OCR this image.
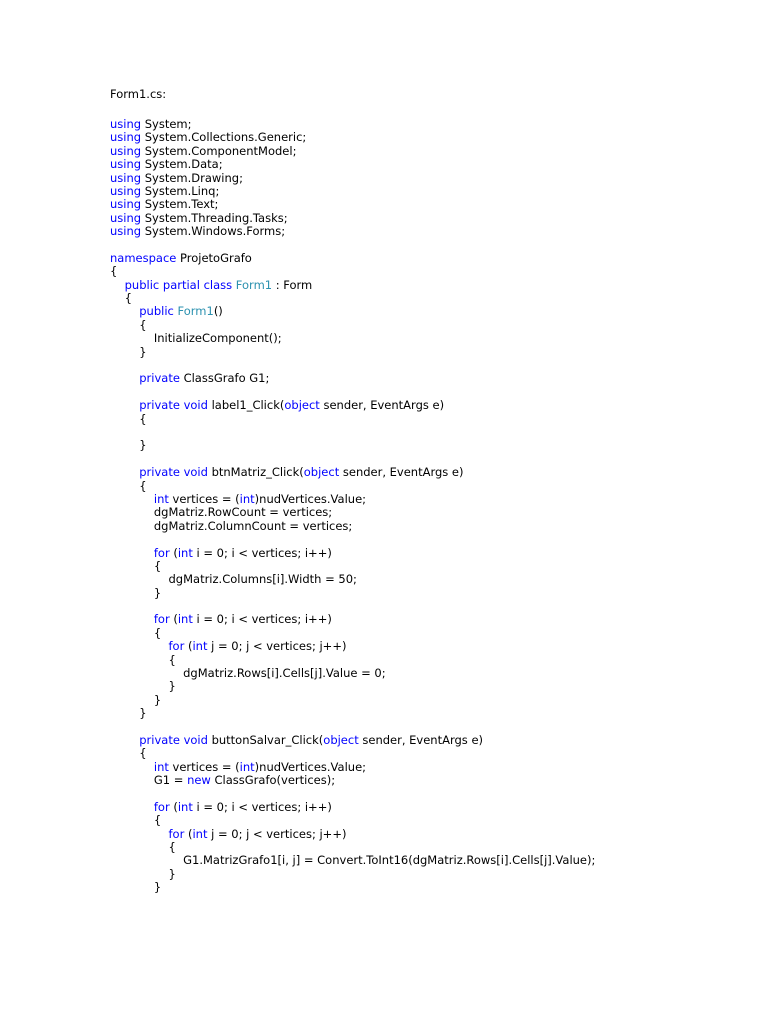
Form1.cs:
using System;
using System.Collections.Generic;
using System.ComponentModel;
using System.Data;
using System.Drawing;
using System.Linq;
using System.Text;
using System.Threading.Tasks;
using System.Windows.Forms;
namespace ProjetoGrafo
{
public partial class Form1 : Form
{
public Form1()
{
InitializeComponent();
}
private ClassGrafo G1;
private void label1_Click(object sender, EventArgs e)
{
}
private void btnMatriz_Click(object sender, EventArgs e)
{
int vertices = (int)nudVertices.Value;
dgMatriz.RowCount = vertices;
dgMatriz.ColumnCount = vertices;
for (int i = 0; i < vertices; i++)
{
dgMatriz.Columns[i].Width = 50;
}
for (int i = 0; i < vertices; i++)
{
for (int j = 0; j < vertices; j++)
{
dgMatriz.Rows[i].Cells[j].Value = 0;
}
}
}
private void buttonSalvar_Click(object sender, EventArgs e)
{
int vertices = (int)nudVertices.Value;
G1 = new ClassGrafo(vertices);
for (int i = 0; i < vertices; i++)
{
for (int j = 0; j < vertices; j++)
{
G1.MatrizGrafo1[i, j] = Convert.ToInt16(dgMatriz.Rows[i].Cells[j].Value);
}
}
